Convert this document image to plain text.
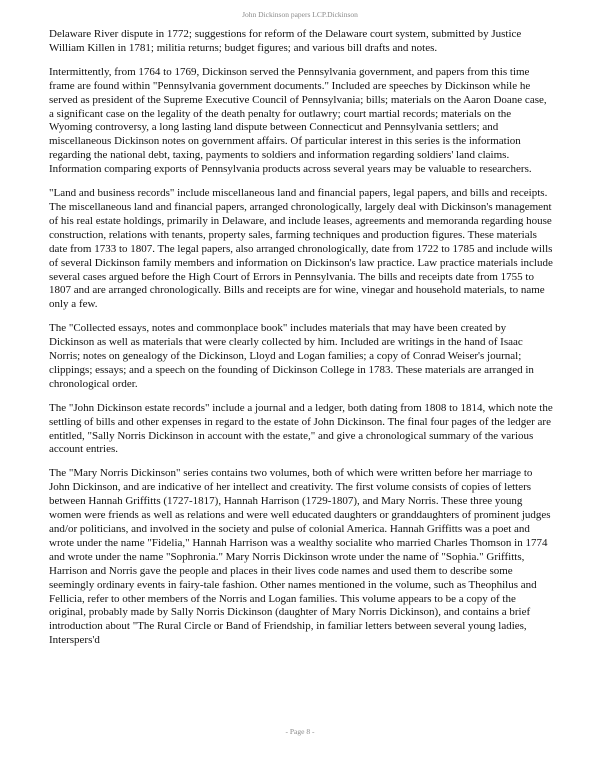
John Dickinson papers LCP.Dickinson

Delaware River dispute in 1772; suggestions for reform of the Delaware court system, submitted by Justice William Killen in 1781; militia returns; budget figures; and various bill drafts and notes.

Intermittently, from 1764 to 1769, Dickinson served the Pennsylvania government, and papers from this time frame are found within "Pennsylvania government documents." Included are speeches by Dickinson while he served as president of the Supreme Executive Council of Pennsylvania; bills; materials on the Aaron Doane case, a significant case on the legality of the death penalty for outlawry; court martial records; materials on the Wyoming controversy, a long lasting land dispute between Connecticut and Pennsylvania settlers; and miscellaneous Dickinson notes on government affairs. Of particular interest in this series is the information regarding the national debt, taxing, payments to soldiers and information regarding soldiers' land claims. Information comparing exports of Pennsylvania products across several years may be valuable to researchers.

"Land and business records" include miscellaneous land and financial papers, legal papers, and bills and receipts. The miscellaneous land and financial papers, arranged chronologically, largely deal with Dickinson's management of his real estate holdings, primarily in Delaware, and include leases, agreements and memoranda regarding house construction, relations with tenants, property sales, farming techniques and production figures. These materials date from 1733 to 1807. The legal papers, also arranged chronologically, date from 1722 to 1785 and include wills of several Dickinson family members and information on Dickinson's law practice. Law practice materials include several cases argued before the High Court of Errors in Pennsylvania. The bills and receipts date from 1755 to 1807 and are arranged chronologically. Bills and receipts are for wine, vinegar and household materials, to name only a few.

The "Collected essays, notes and commonplace book" includes materials that may have been created by Dickinson as well as materials that were clearly collected by him. Included are writings in the hand of Isaac Norris; notes on genealogy of the Dickinson, Lloyd and Logan families; a copy of Conrad Weiser's journal; clippings; essays; and a speech on the founding of Dickinson College in 1783. These materials are arranged in chronological order.

The "John Dickinson estate records" include a journal and a ledger, both dating from 1808 to 1814, which note the settling of bills and other expenses in regard to the estate of John Dickinson. The final four pages of the ledger are entitled, "Sally Norris Dickinson in account with the estate," and give a chronological summary of the various account entries.

The "Mary Norris Dickinson" series contains two volumes, both of which were written before her marriage to John Dickinson, and are indicative of her intellect and creativity. The first volume consists of copies of letters between Hannah Griffitts (1727-1817), Hannah Harrison (1729-1807), and Mary Norris. These three young women were friends as well as relations and were well educated daughters or granddaughters of prominent judges and/or politicians, and involved in the society and pulse of colonial America. Hannah Griffitts was a poet and wrote under the name "Fidelia," Hannah Harrison was a wealthy socialite who married Charles Thomson in 1774 and wrote under the name "Sophronia." Mary Norris Dickinson wrote under the name of "Sophia." Griffitts, Harrison and Norris gave the people and places in their lives code names and used them to describe some seemingly ordinary events in fairy-tale fashion. Other names mentioned in the volume, such as Theophilus and Fellicia, refer to other members of the Norris and Logan families. This volume appears to be a copy of the original, probably made by Sally Norris Dickinson (daughter of Mary Norris Dickinson), and contains a brief introduction about "The Rural Circle or Band of Friendship, in familiar letters between several young ladies, Interspers'd

- Page 8 -
